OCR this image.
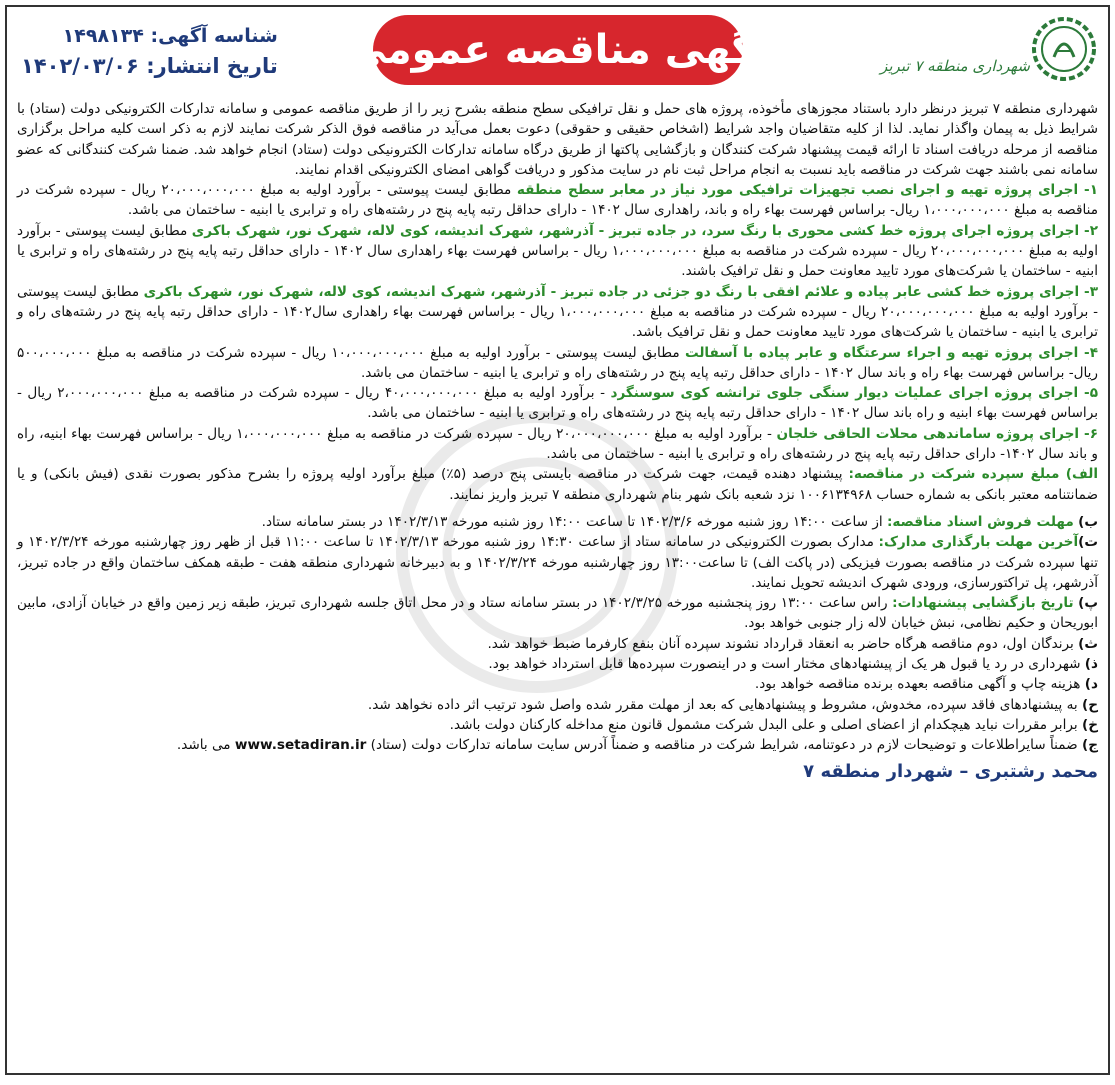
شهرداری منطقه ۷ تبریز
آگهی مناقصه عمومی
شناسه آگهی: ۱۴۹۸۱۳۴
تاریخ انتشار: ۱۴۰۲/۰۳/۰۶

شهرداری منطقه ۷ تبریز درنظر دارد باستناد مجوزهای مأخوذه، پروژه های حمل و نقل ترافیکی سطح منطقه بشرح زیر را از طریق مناقصه عمومی و سامانه تدارکات الکترونیکی دولت (ستاد) با شرایط ذیل به پیمان واگذار نماید. لذا از کلیه متقاضیان واجد شرایط (اشخاص حقیقی و حقوقی) دعوت بعمل می‌آید در مناقصه فوق الذکر شرکت نمایند لازم به ذکر است کلیه مراحل برگزاری مناقصه از مرحله دریافت اسناد تا ارائه قیمت پیشنهاد شرکت کنندگان و بازگشایی پاکتها از طریق درگاه سامانه تدارکات الکترونیکی دولت (ستاد) انجام خواهد شد. ضمنا شرکت کنندگانی که عضو سامانه نمی باشند جهت شرکت در مناقصه باید نسبت به انجام مراحل ثبت نام در سایت مذکور و دریافت گواهی امضای الکترونیکی اقدام نمایند.

۱- اجرای پروژه تهیه و اجرای نصب تجهیزات ترافیکی مورد نیاز در معابر سطح منطقه مطابق لیست پیوستی - برآورد اولیه به مبلغ ۲۰،۰۰۰،۰۰۰،۰۰۰ ریال - سپرده شرکت در مناقصه به مبلغ ۱،۰۰۰،۰۰۰،۰۰۰ ریال- براساس فهرست بهاء راه و باند، راهداری سال ۱۴۰۲ - دارای حداقل رتبه پایه پنج در رشته‌های راه و ترابری یا ابنیه - ساختمان می باشد.

۲- اجرای پروژه اجرای پروژه خط کشی محوری با رنگ سرد، در جاده تبریز - آذرشهر، شهرک اندیشه، کوی لاله، شهرک نور، شهرک باکری مطابق لیست پیوستی - برآورد اولیه به مبلغ ۲۰،۰۰۰،۰۰۰،۰۰۰ ریال - سپرده شرکت در مناقصه به مبلغ ۱،۰۰۰،۰۰۰،۰۰۰ ریال - براساس فهرست بهاء راهداری سال ۱۴۰۲ - دارای حداقل رتبه پایه پنج در رشته‌های راه و ترابری یا ابنیه - ساختمان یا شرکت‌های مورد تایید معاونت حمل و نقل ترافیک باشند.

۳- اجرای پروژه خط کشی عابر پیاده و علائم افقی با رنگ دو جزئی در جاده تبریز - آذرشهر، شهرک اندیشه، کوی لاله، شهرک نور، شهرک باکری مطابق لیست پیوستی - برآورد اولیه به مبلغ ۲۰،۰۰۰،۰۰۰،۰۰۰ ریال - سپرده شرکت در مناقصه به مبلغ ۱،۰۰۰،۰۰۰،۰۰۰ ریال - براساس فهرست بهاء راهداری سال۱۴۰۲ - دارای حداقل رتبه پایه پنج در رشته‌های راه و ترابری یا ابنیه - ساختمان یا شرکت‌های مورد تایید معاونت حمل و نقل ترافیک باشد.

۴- اجرای پروژه تهیه و اجراء سرعتگاه و عابر پیاده با آسفالت مطابق لیست پیوستی - برآورد اولیه به مبلغ ۱۰،۰۰۰،۰۰۰،۰۰۰ ریال - سپرده شرکت در مناقصه به مبلغ ۵۰۰،۰۰۰،۰۰۰ ریال- براساس فهرست بهاء راه و باند سال ۱۴۰۲ - دارای حداقل رتبه پایه پنج در رشته‌های راه و ترابری یا ابنیه - ساختمان می باشد.

۵- اجرای پروژه اجرای عملیات دیوار سنگی جلوی ترانشه کوی سوسنگرد - برآورد اولیه به مبلغ ۴۰،۰۰۰،۰۰۰،۰۰۰ ریال - سپرده شرکت در مناقصه به مبلغ ۲،۰۰۰،۰۰۰،۰۰۰ ریال - براساس فهرست بهاء ابنیه و راه باند سال ۱۴۰۲ - دارای حداقل رتبه پایه پنج در رشته‌های راه و ترابری یا ابنیه - ساختمان می باشد.

۶- اجرای پروژه ساماندهی محلات الحاقی خلجان - برآورد اولیه به مبلغ ۲۰،۰۰۰،۰۰۰،۰۰۰ ریال - سپرده شرکت در مناقصه به مبلغ ۱،۰۰۰،۰۰۰،۰۰۰ ریال - براساس فهرست بهاء ابنیه، راه و باند سال ۱۴۰۲- دارای حداقل رتبه پایه پنج در رشته‌های راه و ترابری یا ابنیه - ساختمان می باشد.

الف) مبلغ سپرده شرکت در مناقصه: پیشنهاد دهنده قیمت، جهت شرکت در مناقصه بایستی پنج درصد (۵٪) مبلغ برآورد اولیه پروژه را بشرح مذکور بصورت نقدی (فیش بانکی) و یا ضمانتنامه معتبر بانکی به شماره حساب ۱۰۰۶۱۳۴۹۶۸ نزد شعبه بانک شهر بنام شهرداری منطقه ۷ تبریز واریز نمایند.

ب) مهلت فروش اسناد مناقصه: از ساعت ۱۴:۰۰ روز شنبه مورخه ۱۴۰۲/۳/۶ تا ساعت ۱۴:۰۰ روز شنبه مورخه ۱۴۰۲/۳/۱۳ در بستر سامانه ستاد.

ت)آخرین مهلت بارگذاری مدارک: مدارک بصورت الکترونیکی در سامانه ستاد از ساعت ۱۴:۳۰ روز شنبه مورخه ۱۴۰۲/۳/۱۳ تا ساعت ۱۱:۰۰ قبل از ظهر روز چهارشنبه مورخه ۱۴۰۲/۳/۲۴ و تنها سپرده شرکت در مناقصه بصورت فیزیکی (در پاکت الف) تا ساعت۱۳:۰۰ روز چهارشنبه مورخه ۱۴۰۲/۳/۲۴ و به دبیرخانه شهرداری منطقه هفت - طبقه همکف ساختمان واقع در جاده تبریز، آذرشهر، پل تراکتورسازی، ورودی شهرک اندیشه تحویل نمایند.

پ) تاریخ بازگشایی پیشنهادات: راس ساعت ۱۳:۰۰ روز پنجشنبه مورخه ۱۴۰۲/۳/۲۵ در بستر سامانه ستاد و در محل اتاق جلسه شهرداری تبریز، طبقه زیر زمین واقع در خیابان آزادی، مابین ابوریحان و حکیم نظامی، نبش خیابان لاله زار جنوبی خواهد بود.

ث) برندگان اول، دوم مناقصه هرگاه حاضر به انعقاد قرارداد نشوند سپرده آنان بنفع کارفرما ضبط خواهد شد.

ذ) شهرداری در رد یا قبول هر یک از پیشنهادهای مختار است و در اینصورت سپرده‌ها قابل استرداد خواهد بود.

د) هزینه چاپ و آگهی مناقصه بعهده برنده مناقصه خواهد بود.

ح) به پیشنهادهای فاقد سپرده، مخدوش، مشروط و پیشنهادهایی که بعد از مهلت مقرر شده واصل شود ترتیب اثر داده نخواهد شد.

خ) برابر مقررات نباید هیچکدام از اعضای اصلی و علی البدل شرکت مشمول قانون منع مداخله کارکنان دولت باشد.

ج) ضمناً سایراطلاعات و توضیحات لازم در دعوتنامه، شرایط شرکت در مناقصه و ضمناً آدرس سایت سامانه تدارکات دولت (ستاد) www.setadiran.ir می باشد.

محمد رشتبری – شهردار منطقه ۷
